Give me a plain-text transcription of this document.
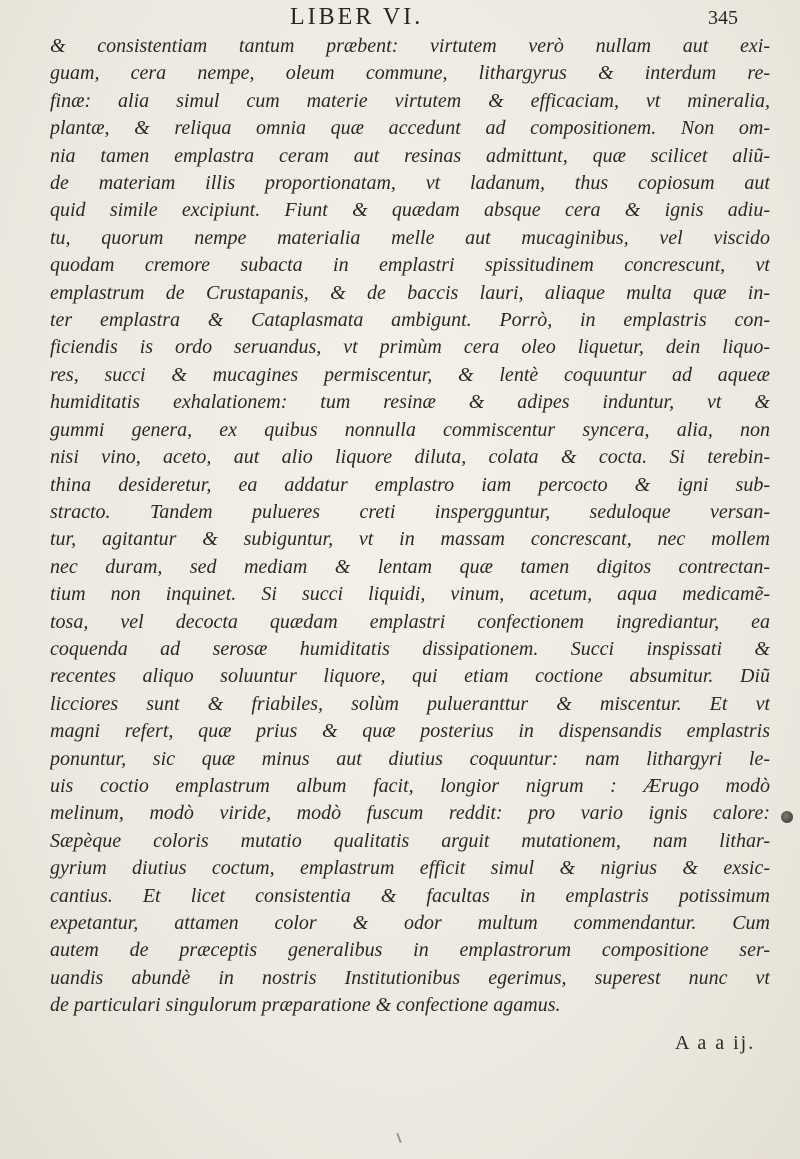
LIBER VI.	345
& consistentiam tantum præbent: virtutem verò nullam aut exi-
guam, cera nempe, oleum commune, lithargyrus & interdum re-
finæ: alia simul cum materie virtutem & efficaciam, vt mineralia,
plantæ, & reliqua omnia quæ accedunt ad compositionem. Non om-
nia tamen emplastra ceram aut resinas admittunt, quæ scilicet aliũ-
de materiam illis proportionatam, vt ladanum, thus copiosum aut
quid simile excipiunt. Fiunt & quædam absque cera & ignis adiu-
tu, quorum nempe materialia melle aut mucaginibus, vel viscido
quodam cremore subacta in emplastri spissitudinem concrescunt, vt
emplastrum de Crustapanis, & de baccis lauri, aliaque multa quæ in-
ter emplastra & Cataplasmata ambigunt. Porrò, in emplastris con-
ficiendis is ordo seruandus, vt primùm cera oleo liquetur, dein liquo-
res, succi & mucagines permiscentur, & lentè coquuntur ad aqueæ
humiditatis exhalationem: tum resinæ & adipes induntur, vt &
gummi genera, ex quibus nonnulla commiscentur syncera, alia, non
nisi vino, aceto, aut alio liquore diluta, colata & cocta. Si terebin-
thina desideretur, ea addatur emplastro iam percocto & igni sub-
stracto. Tandem pulueres creti inspergguntur, seduloque versan-
tur, agitantur & subiguntur, vt in massam concrescant, nec mollem
nec duram, sed mediam & lentam quæ tamen digitos contrectan-
tium non inquinet. Si succi liquidi, vinum, acetum, aqua medicamẽ-
tosa, vel decocta quædam emplastri confectionem ingrediantur, ea
coquenda ad serosæ humiditatis dissipationem. Succi inspissati &
recentes aliquo soluuntur liquore, qui etiam coctione absumitur. Diũ
licciores sunt & friabiles, solùm pulueranttur & miscentur. Et vt
magni refert, quæ prius & quæ posterius in dispensandis emplastris
ponuntur, sic quæ minus aut diutius coquuntur: nam lithargyri le-
uis coctio emplastrum album facit, longior nigrum : Ærugo modò
melinum, modò viride, modò fuscum reddit: pro vario ignis calore:
Sæpèque coloris mutatio qualitatis arguit mutationem, nam lithar-
gyrium diutius coctum, emplastrum efficit simul & nigrius & exsic-
cantius. Et licet consistentia & facultas in emplastris potissimum
expetantur, attamen color & odor multum commendantur. Cum
autem de præceptis generalibus in emplastrorum compositione ser-
uandis abundè in nostris Institutionibus egerimus, superest nunc vt
de particulari singulorum præparatione & confectione agamus.
A a a ij.
